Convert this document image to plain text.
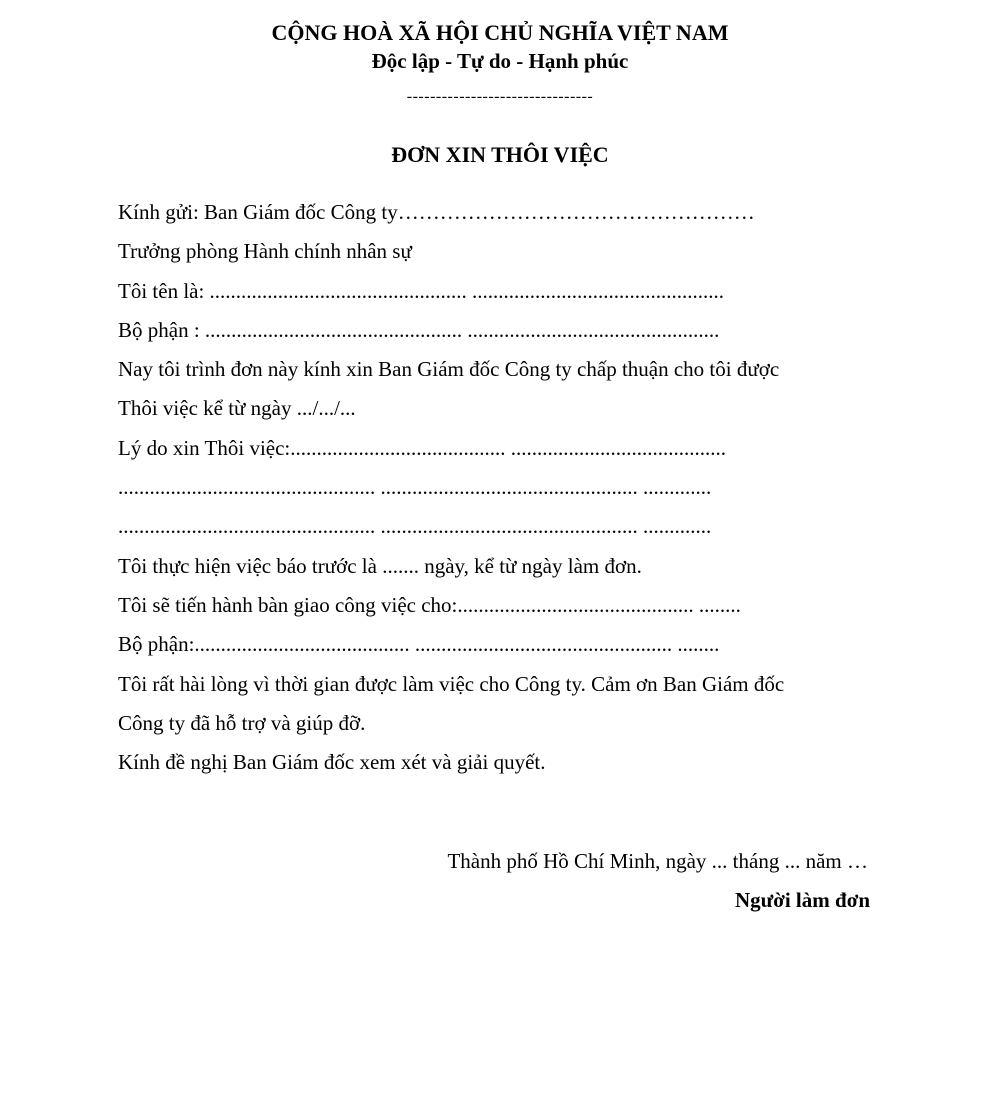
CỘNG HOÀ XÃ HỘI CHỦ NGHĨA VIỆT NAM
Độc lập - Tự do - Hạnh phúc
--------------------------------
ĐƠN XIN THÔI VIỆC
Kính gửi: Ban Giám đốc Công ty……………………………………………
Trưởng phòng Hành chính nhân sự
Tôi tên là: ................................................. ................................................
Bộ phận : ................................................. ................................................
Nay tôi trình đơn này kính xin Ban Giám đốc Công ty chấp thuận cho tôi được
Thôi việc kể từ ngày .../.../...
Lý do xin Thôi việc:......................................... .........................................
................................................. ................................................. .............
................................................. ................................................. .............
Tôi thực hiện việc báo trước là ....... ngày, kể từ ngày làm đơn.
Tôi sẽ tiến hành bàn giao công việc cho:............................................. ........
Bộ phận:......................................... ................................................. ........
Tôi rất hài lòng vì thời gian được làm việc cho Công ty. Cảm ơn Ban Giám đốc
Công ty đã hỗ trợ và giúp đỡ.
Kính đề nghị Ban Giám đốc xem xét và giải quyết.
Thành phố Hồ Chí Minh, ngày ... tháng ... năm …
Người làm đơn
